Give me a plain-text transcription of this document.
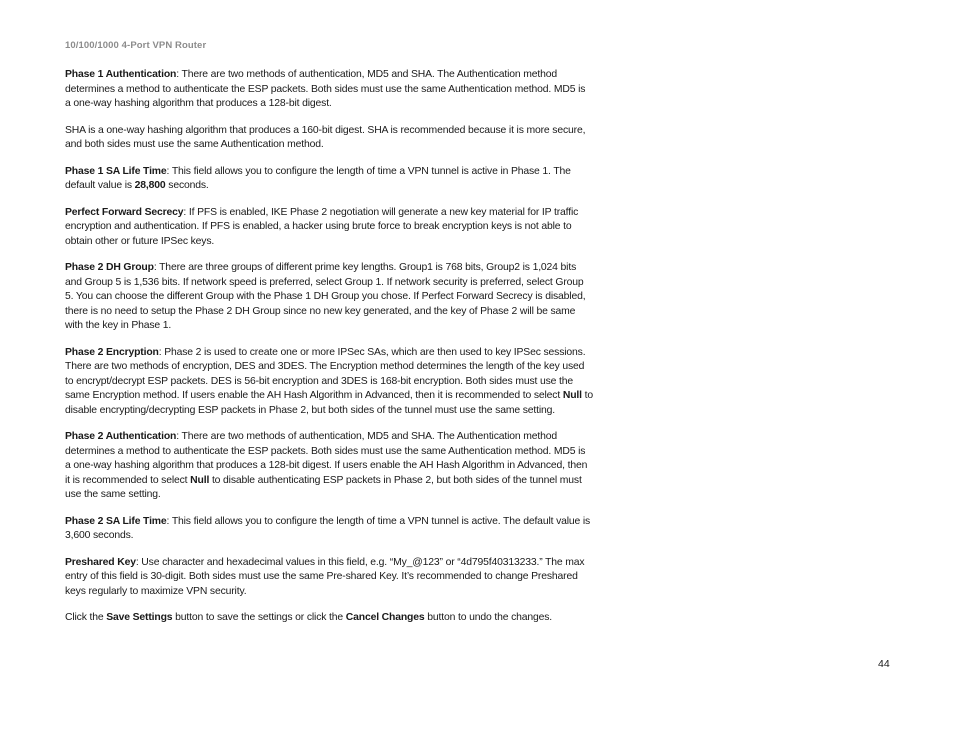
10/100/1000 4-Port VPN Router

Phase 1 Authentication: There are two methods of authentication, MD5 and SHA. The Authentication method determines a method to authenticate the ESP packets. Both sides must use the same Authentication method. MD5 is a one-way hashing algorithm that produces a 128-bit digest.

SHA is a one-way hashing algorithm that produces a 160-bit digest. SHA is recommended because it is more secure, and both sides must use the same Authentication method.

Phase 1 SA Life Time: This field allows you to configure the length of time a VPN tunnel is active in Phase 1. The default value is 28,800 seconds.

Perfect Forward Secrecy: If PFS is enabled, IKE Phase 2 negotiation will generate a new key material for IP traffic encryption and authentication. If PFS is enabled, a hacker using brute force to break encryption keys is not able to obtain other or future IPSec keys.

Phase 2 DH Group: There are three groups of different prime key lengths. Group1 is 768 bits, Group2 is 1,024 bits and Group 5 is 1,536 bits. If network speed is preferred, select Group 1. If network security is preferred, select Group 5. You can choose the different Group with the Phase 1 DH Group you chose. If Perfect Forward Secrecy is disabled, there is no need to setup the Phase 2 DH Group since no new key generated, and the key of Phase 2 will be same with the key in Phase 1.

Phase 2 Encryption: Phase 2 is used to create one or more IPSec SAs, which are then used to key IPSec sessions. There are two methods of encryption, DES and 3DES. The Encryption method determines the length of the key used to encrypt/decrypt ESP packets. DES is 56-bit encryption and 3DES is 168-bit encryption. Both sides must use the same Encryption method. If users enable the AH Hash Algorithm in Advanced, then it is recommended to select Null to disable encrypting/decrypting ESP packets in Phase 2, but both sides of the tunnel must use the same setting.

Phase 2 Authentication: There are two methods of authentication, MD5 and SHA. The Authentication method determines a method to authenticate the ESP packets. Both sides must use the same Authentication method. MD5 is a one-way hashing algorithm that produces a 128-bit digest. If users enable the AH Hash Algorithm in Advanced, then it is recommended to select Null to disable authenticating ESP packets in Phase 2, but both sides of the tunnel must use the same setting.

Phase 2 SA Life Time: This field allows you to configure the length of time a VPN tunnel is active. The default value is 3,600 seconds.

Preshared Key: Use character and hexadecimal values in this field, e.g. “My_@123” or “4d795f40313233.” The max entry of this field is 30-digit. Both sides must use the same Pre-shared Key. It’s recommended to change Preshared keys regularly to maximize VPN security.

Click the Save Settings button to save the settings or click the Cancel Changes button to undo the changes.

44
